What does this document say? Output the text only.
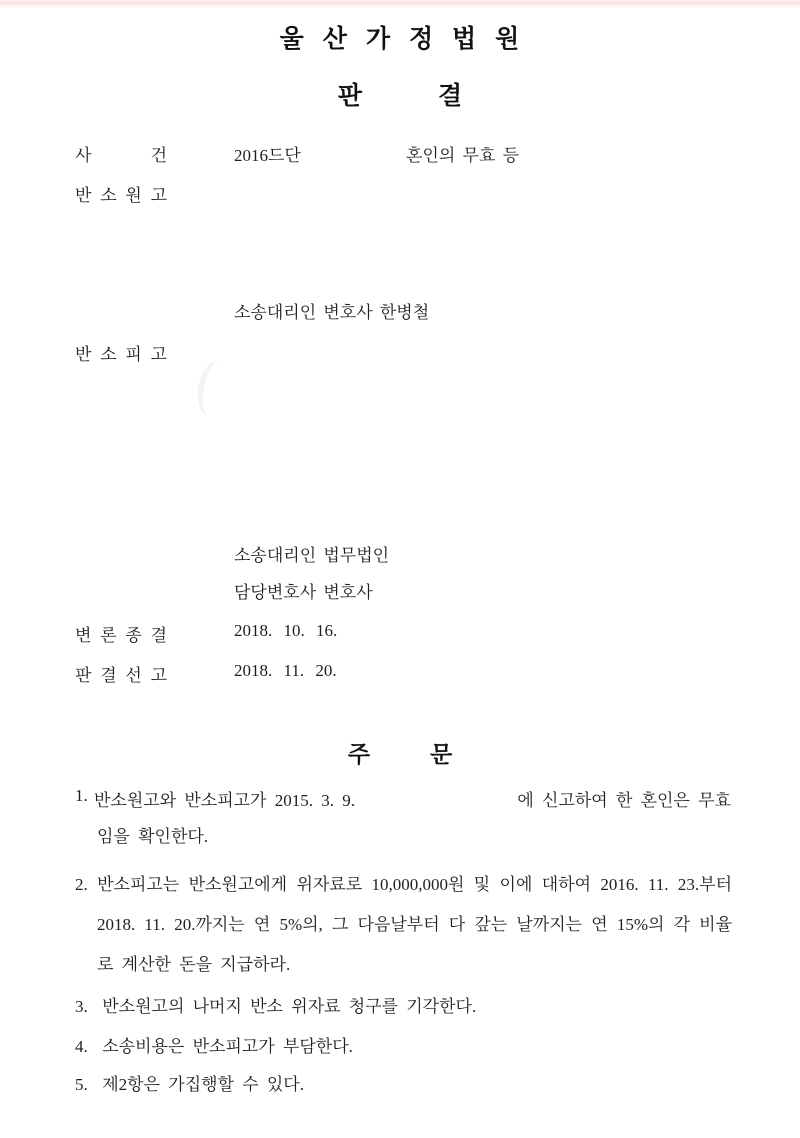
울 산 가 정 법 원
판	결
사 건	2016드단	혼인의 무효 등
반 소 원 고
소송대리인 변호사 한병철
반 소 피 고
소송대리인 법무법인
담당변호사 변호사
변 론 종 결	2018. 10. 16.
판 결 선 고	2018. 11. 20.
주	문
1. 반소원고와 반소피고가 2015. 3. 9.	에 신고하여 한 혼인은 무효
임을 확인한다.
2. 반소피고는 반소원고에게 위자료로 10,000,000원 및 이에 대하여 2016. 11. 23.부터
2018. 11. 20.까지는 연 5%의, 그 다음날부터 다 갚는 날까지는 연 15%의 각 비율
로 계산한 돈을 지급하라.
3. 반소원고의 나머지 반소 위자료 청구를 기각한다.
4. 소송비용은 반소피고가 부담한다.
5. 제2항은 가집행할 수 있다.
